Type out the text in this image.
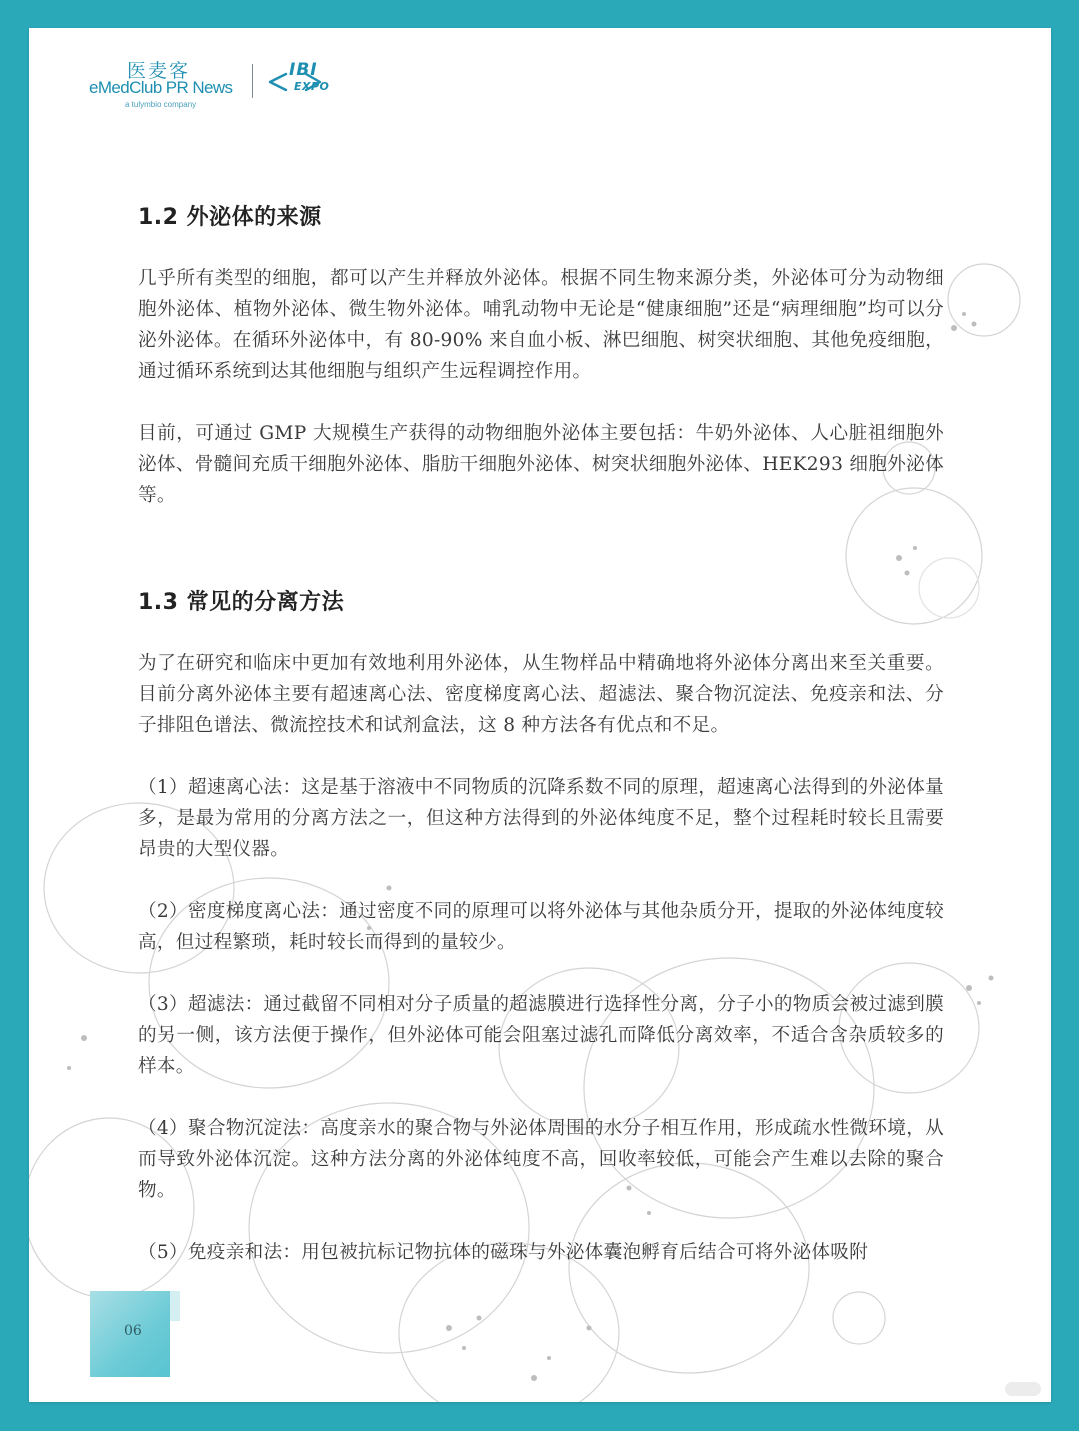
医麦客
eMedClub PR News
a tulymbio company
IBI
EXPO
1.2 外泌体的来源

几乎所有类型的细胞，都可以产生并释放外泌体。根据不同生物来源分类，外泌体可分为动物细胞外泌体、植物外泌体、微生物外泌体。哺乳动物中无论是“健康细胞”还是“病理细胞”均可以分泌外泌体。在循环外泌体中，有 80-90% 来自血小板、淋巴细胞、树突状细胞、其他免疫细胞，通过循环系统到达其他细胞与组织产生远程调控作用。

目前，可通过 GMP 大规模生产获得的动物细胞外泌体主要包括：牛奶外泌体、人心脏祖细胞外泌体、骨髓间充质干细胞外泌体、脂肪干细胞外泌体、树突状细胞外泌体、HEK293 细胞外泌体等。

1.3 常见的分离方法

为了在研究和临床中更加有效地利用外泌体，从生物样品中精确地将外泌体分离出来至关重要。目前分离外泌体主要有超速离心法、密度梯度离心法、超滤法、聚合物沉淀法、免疫亲和法、分子排阻色谱法、微流控技术和试剂盒法，这 8 种方法各有优点和不足。

（1）超速离心法：这是基于溶液中不同物质的沉降系数不同的原理，超速离心法得到的外泌体量多，是最为常用的分离方法之一，但这种方法得到的外泌体纯度不足，整个过程耗时较长且需要昂贵的大型仪器。

（2）密度梯度离心法：通过密度不同的原理可以将外泌体与其他杂质分开，提取的外泌体纯度较高，但过程繁琐，耗时较长而得到的量较少。

（3）超滤法：通过截留不同相对分子质量的超滤膜进行选择性分离，分子小的物质会被过滤到膜的另一侧，该方法便于操作，但外泌体可能会阻塞过滤孔而降低分离效率，不适合含杂质较多的样本。

（4）聚合物沉淀法：高度亲水的聚合物与外泌体周围的水分子相互作用，形成疏水性微环境，从而导致外泌体沉淀。这种方法分离的外泌体纯度不高，回收率较低，可能会产生难以去除的聚合物。

（5）免疫亲和法：用包被抗标记物抗体的磁珠与外泌体囊泡孵育后结合可将外泌体吸附

06
